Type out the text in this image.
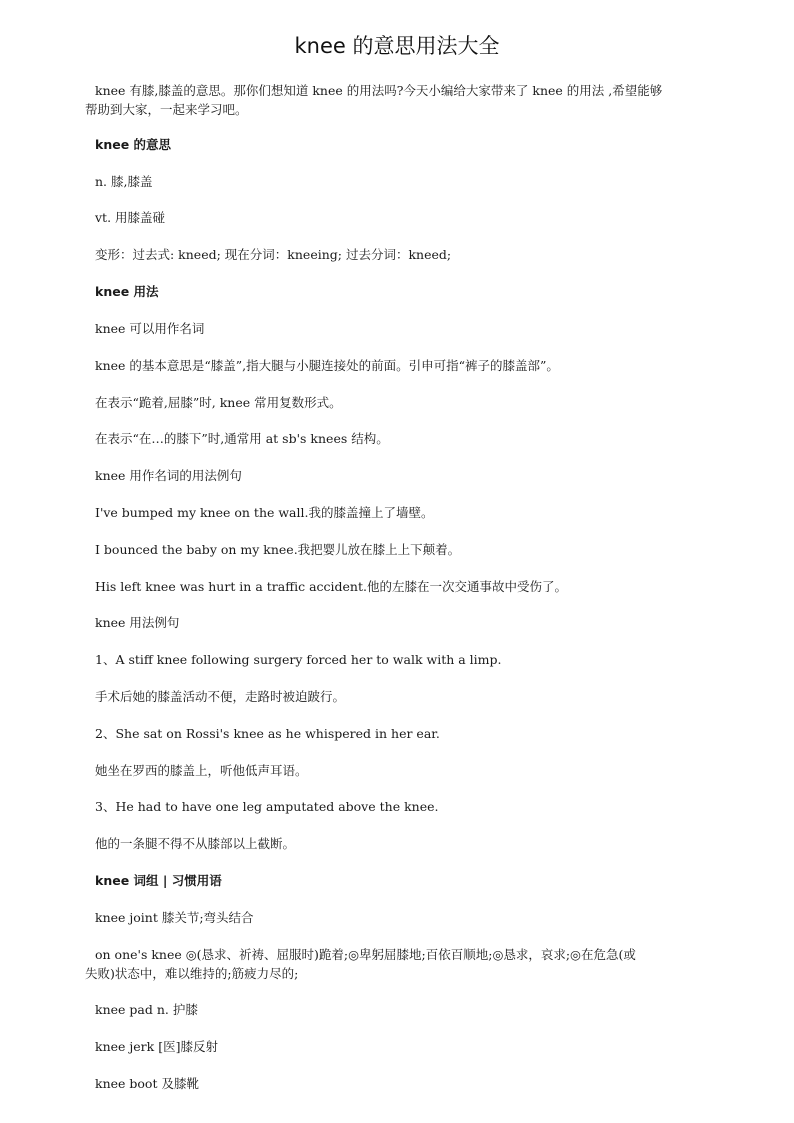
knee 的意思用法大全
knee 有膝,膝盖的意思。那你们想知道 knee 的用法吗?今天小编给大家带来了 knee 的用法 ,希望能够
帮助到大家，一起来学习吧。
knee 的意思
n. 膝,膝盖
vt. 用膝盖碰
变形：过去式: kneed; 现在分词：kneeing; 过去分词：kneed;
knee 用法
knee 可以用作名词
knee 的基本意思是“膝盖”,指大腿与小腿连接处的前面。引申可指“裤子的膝盖部”。
在表示“跪着,屈膝”时, knee 常用复数形式。
在表示“在…的膝下”时,通常用 at sb's knees 结构。
knee 用作名词的用法例句
I've bumped my knee on the wall.我的膝盖撞上了墙壁。
I bounced the baby on my knee.我把婴儿放在膝上上下颠着。
His left knee was hurt in a traffic accident.他的左膝在一次交通事故中受伤了。
knee 用法例句
1、A stiff knee following surgery forced her to walk with a limp.
手术后她的膝盖活动不便，走路时被迫跛行。
2、She sat on Rossi's knee as he whispered in her ear.
她坐在罗西的膝盖上，听他低声耳语。
3、He had to have one leg amputated above the knee.
他的一条腿不得不从膝部以上截断。
knee 词组 | 习惯用语
knee joint 膝关节;弯头结合
on one's knee ◎(恳求、祈祷、屈服时)跪着;◎卑躬屈膝地;百依百顺地;◎恳求，哀求;◎在危急(或
失败)状态中，难以维持的;筋疲力尽的;
knee pad n. 护膝
knee jerk [医]膝反射
knee boot 及膝靴
